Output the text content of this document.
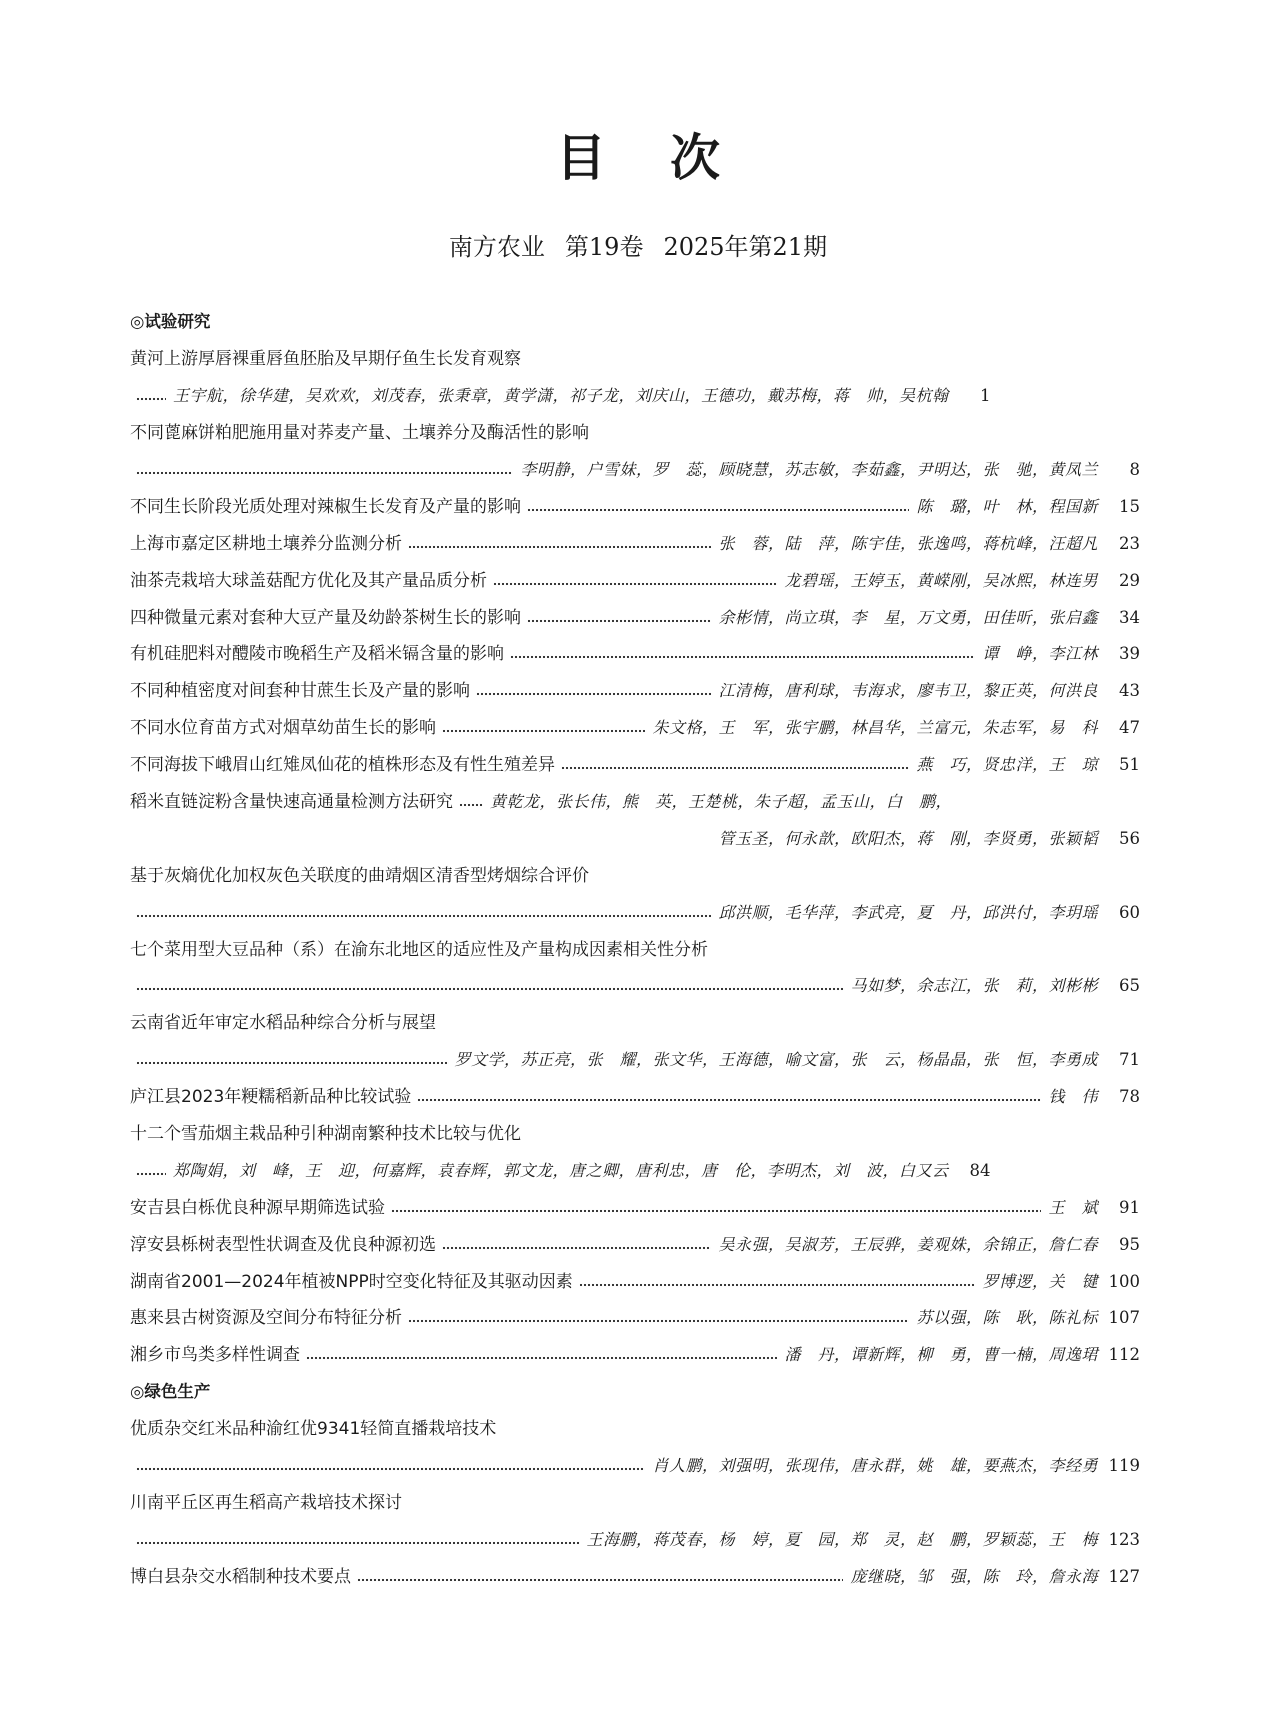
目 次
南方农业 第19卷 2025年第21期
◎试验研究
黄河上游厚唇裸重唇鱼胚胎及早期仔鱼生长发育观察
王宇航，徐华建，吴欢欢，刘茂春，张秉章，黄学潇，祁子龙，刘庆山，王德功，戴苏梅，蒋　帅，吴杭翰	1
不同蓖麻饼粕肥施用量对荞麦产量、土壤养分及酶活性的影响
李明静，户雪妹，罗　蕊，顾晓慧，苏志敏，李茹鑫，尹明达，张　驰，黄凤兰	8
不同生长阶段光质处理对辣椒生长发育及产量的影响	陈　璐，叶　林，程国新	15
上海市嘉定区耕地土壤养分监测分析	张　蓉，陆　萍，陈宇佳，张逸鸣，蒋杭峰，汪超凡	23
油茶壳栽培大球盖菇配方优化及其产量品质分析	龙碧瑶，王婷玉，黄嵘刚，吴冰熙，林连男	29
四种微量元素对套种大豆产量及幼龄茶树生长的影响	余彬情，尚立琪，李　星，万文勇，田佳昕，张启鑫	34
有机硅肥料对醴陵市晚稻生产及稻米镉含量的影响	谭　峥，李江林	39
不同种植密度对间套种甘蔗生长及产量的影响	江清梅，唐利球，韦海求，廖韦卫，黎正英，何洪良	43
不同水位育苗方式对烟草幼苗生长的影响	朱文格，王　军，张宇鹏，林昌华，兰富元，朱志军，易　科	47
不同海拔下峨眉山红雉凤仙花的植株形态及有性生殖差异	燕　巧，贤忠洋，王　琼	51
稻米直链淀粉含量快速高通量检测方法研究 黄乾龙，张长伟，熊　英，王楚桃，朱子超，孟玉山，白　鹏，
管玉圣，何永歆，欧阳杰，蒋　刚，李贤勇，张颖韬	56
基于灰熵优化加权灰色关联度的曲靖烟区清香型烤烟综合评价
邱洪顺，毛华萍，李武亮，夏　丹，邱洪付，李玥瑶	60
七个菜用型大豆品种（系）在渝东北地区的适应性及产量构成因素相关性分析
马如梦，余志江，张　莉，刘彬彬	65
云南省近年审定水稻品种综合分析与展望
罗文学，苏正亮，张　耀，张文华，王海德，喻文富，张　云，杨晶晶，张　恒，李勇成	71
庐江县2023年粳糯稻新品种比较试验	钱　伟	78
十二个雪茄烟主栽品种引种湖南繁种技术比较与优化
郑陶娟，刘　峰，王　迎，何嘉辉，袁春辉，郭文龙，唐之卿，唐利忠，唐　伦，李明杰，刘　波，白又云	84
安吉县白栎优良种源早期筛选试验	王　斌	91
淳安县栎树表型性状调查及优良种源初选	吴永强，吴淑芳，王辰骅，姜观姝，余锦正，詹仁春	95
湖南省2001—2024年植被NPP时空变化特征及其驱动因素	罗博逻，关　键 100
惠来县古树资源及空间分布特征分析	苏以强，陈　耿，陈礼标 107
湘乡市鸟类多样性调查	潘　丹，谭新辉，柳　勇，曹一楠，周逸珺 112
◎绿色生产
优质杂交红米品种渝红优9341轻简直播栽培技术
肖人鹏，刘强明，张现伟，唐永群，姚　雄，要燕杰，李经勇 119
川南平丘区再生稻高产栽培技术探讨
王海鹏，蒋茂春，杨　婷，夏　园，郑　灵，赵　鹏，罗颖蕊，王　梅 123
博白县杂交水稻制种技术要点	庞继晓，邹　强，陈　玲，詹永海 127
